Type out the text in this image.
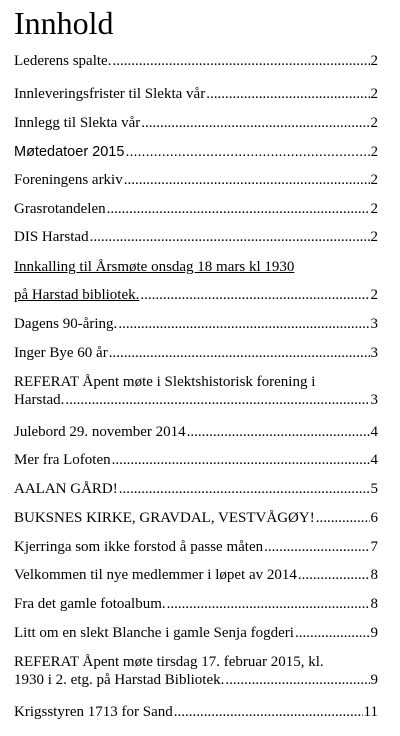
Innhold
Lederens spalte. .....	2
Innleveringsfrister til Slekta vår .....	2
Innlegg til Slekta vår .....	2
Møtedatoer 2015 .....	2
Foreningens arkiv .....	2
Grasrotandelen .....	2
DIS Harstad .....	2
Innkalling til Årsmøte onsdag 18 mars kl 1930
på Harstad bibliotek. .....	2
Dagens 90-åring. .....	3
Inger Bye 60 år .....	3
REFERAT Åpent møte i Slektshistorisk forening i
Harstad. .....	3
Julebord 29. november 2014 .....	4
Mer fra Lofoten .....	4
AALAN GÅRD! .....	5
BUKSNES KIRKE, GRAVDAL, VESTVÅGØY! .....	6
Kjerringa som ikke forstod å passe måten .....	7
Velkommen til nye medlemmer i løpet av 2014 .....	8
Fra det gamle fotoalbum. .....	8
Litt om en slekt Blanche i gamle Senja fogderi .....	9
REFERAT Åpent møte tirsdag 17. februar 2015, kl.
1930 i 2. etg. på Harstad Bibliotek. .....	9
Krigsstyren 1713 for Sand .....	11
